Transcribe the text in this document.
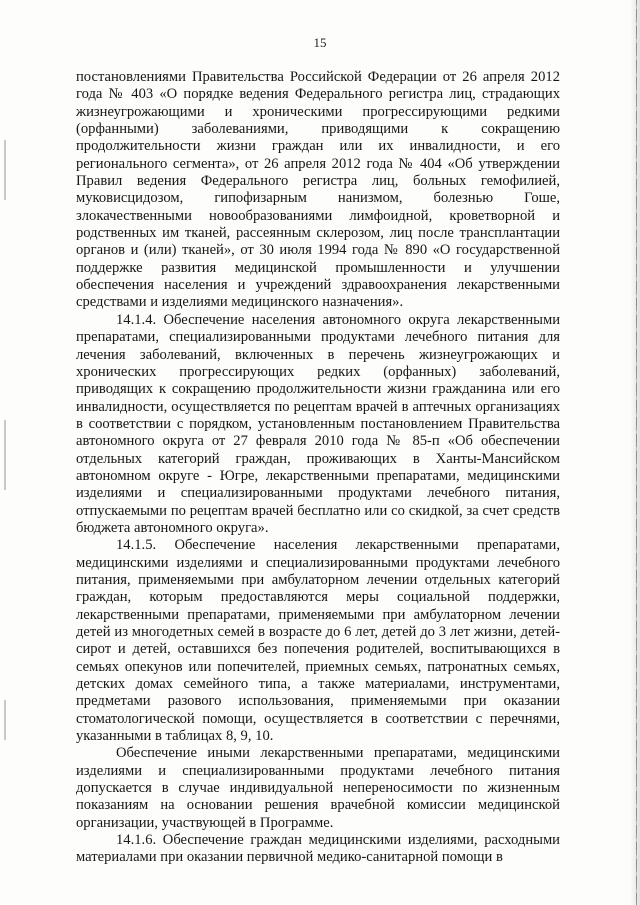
15

постановлениями Правительства Российской Федерации от 26 апреля 2012 года № 403 «О порядке ведения Федерального регистра лиц, страдающих жизнеугрожающими и хроническими прогрессирующими редкими (орфанными) заболеваниями, приводящими к сокращению продолжительности жизни граждан или их инвалидности, и его регионального сегмента», от 26 апреля 2012 года № 404 «Об утверждении Правил ведения Федерального регистра лиц, больных гемофилией, муковисцидозом, гипофизарным нанизмом, болезнью Гоше, злокачественными новообразованиями лимфоидной, кроветворной и родственных им тканей, рассеянным склерозом, лиц после трансплантации органов и (или) тканей», от 30 июля 1994 года № 890 «О государственной поддержке развития медицинской промышленности и улучшении обеспечения населения и учреждений здравоохранения лекарственными средствами и изделиями медицинского назначения».

14.1.4. Обеспечение населения автономного округа лекарственными препаратами, специализированными продуктами лечебного питания для лечения заболеваний, включенных в перечень жизнеугрожающих и хронических прогрессирующих редких (орфанных) заболеваний, приводящих к сокращению продолжительности жизни гражданина или его инвалидности, осуществляется по рецептам врачей в аптечных организациях в соответствии с порядком, установленным постановлением Правительства автономного округа от 27 февраля 2010 года № 85-п «Об обеспечении отдельных категорий граждан, проживающих в Ханты-Мансийском автономном округе - Югре, лекарственными препаратами, медицинскими изделиями и специализированными продуктами лечебного питания, отпускаемыми по рецептам врачей бесплатно или со скидкой, за счет средств бюджета автономного округа».

14.1.5. Обеспечение населения лекарственными препаратами, медицинскими изделиями и специализированными продуктами лечебного питания, применяемыми при амбулаторном лечении отдельных категорий граждан, которым предоставляются меры социальной поддержки, лекарственными препаратами, применяемыми при амбулаторном лечении детей из многодетных семей в возрасте до 6 лет, детей до 3 лет жизни, детей-сирот и детей, оставшихся без попечения родителей, воспитывающихся в семьях опекунов или попечителей, приемных семьях, патронатных семьях, детских домах семейного типа, а также материалами, инструментами, предметами разового использования, применяемыми при оказании стоматологической помощи, осуществляется в соответствии с перечнями, указанными в таблицах 8, 9, 10.

Обеспечение иными лекарственными препаратами, медицинскими изделиями и специализированными продуктами лечебного питания допускается в случае индивидуальной непереносимости по жизненным показаниям на основании решения врачебной комиссии медицинской организации, участвующей в Программе.

14.1.6. Обеспечение граждан медицинскими изделиями, расходными материалами при оказании первичной медико-санитарной помощи в
